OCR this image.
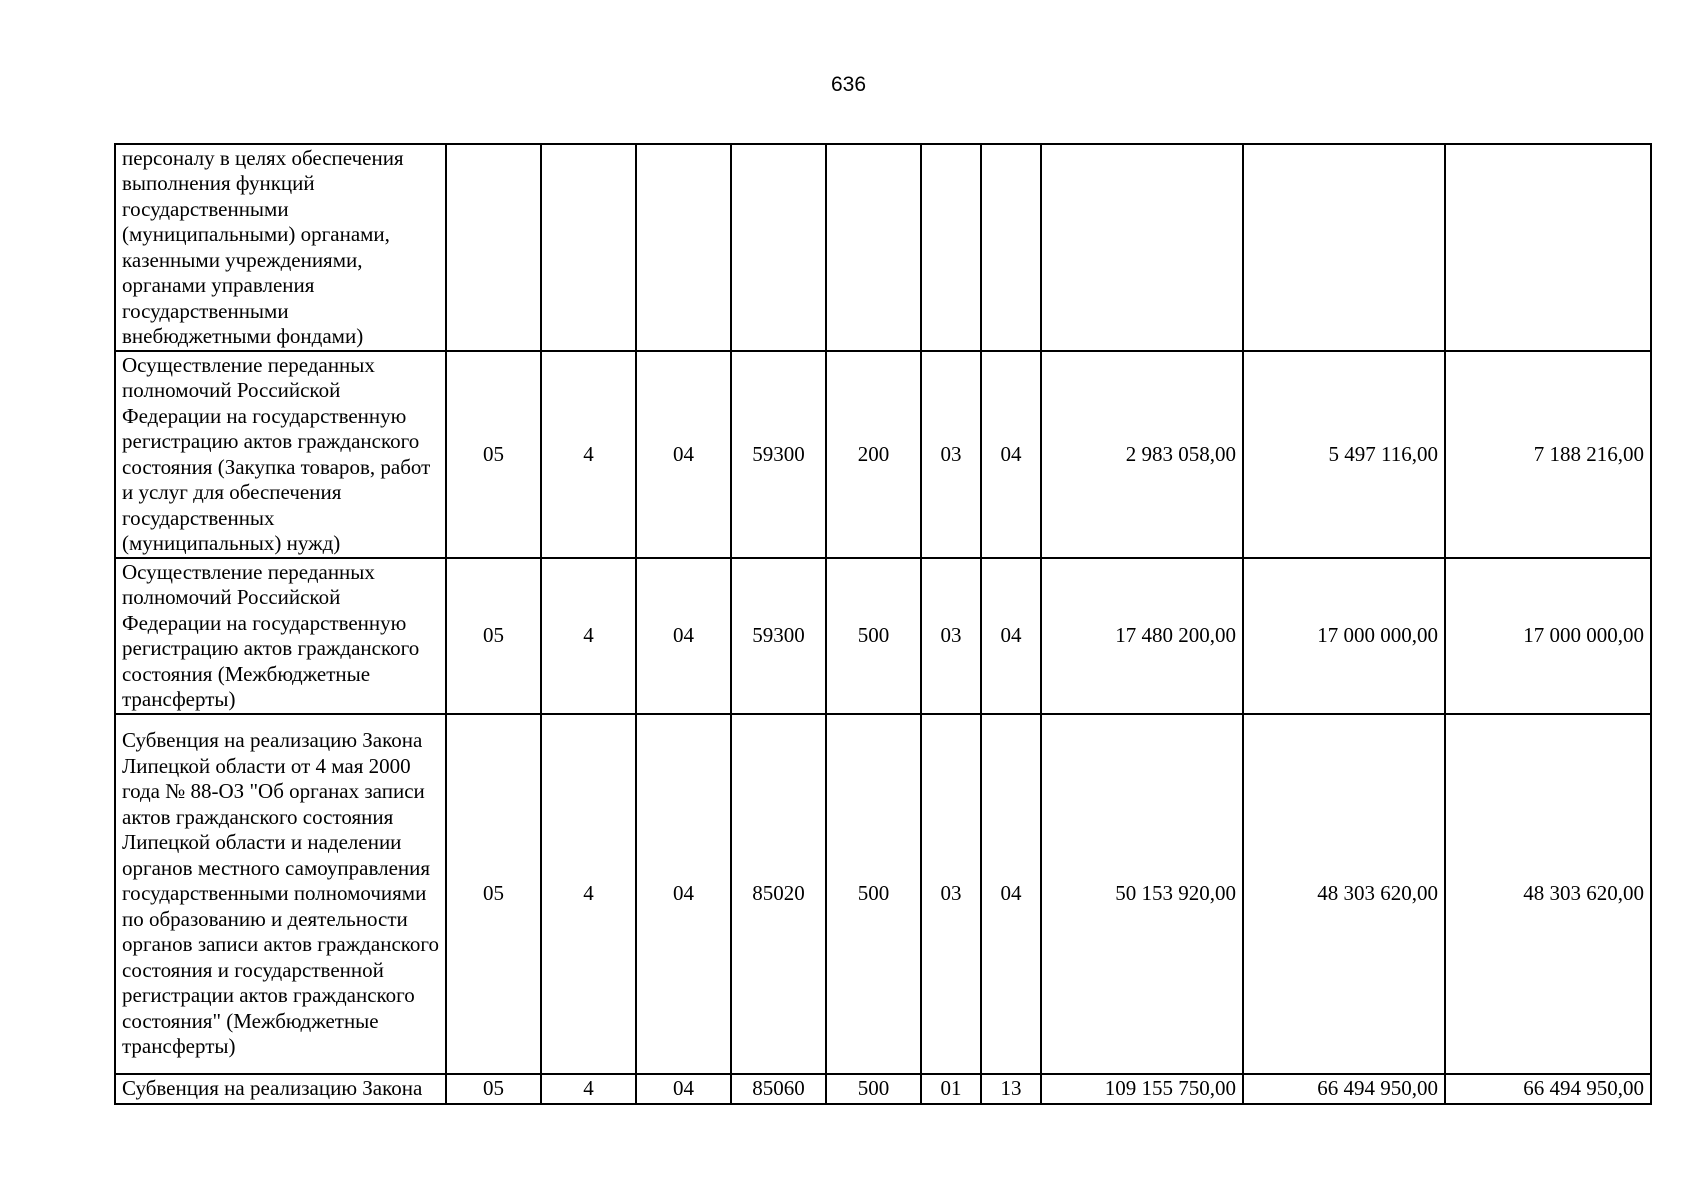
636
персоналу в целях обеспечения выполнения функций государственными (муниципальными) органами, казенными учреждениями, органами управления государственными внебюджетными фондами)										
Осуществление переданных полномочий Российской Федерации на государственную регистрацию актов гражданского состояния (Закупка товаров, работ и услуг для обеспечения государственных (муниципальных) нужд)	05	4	04	59300	200	03	04	2 983 058,00	5 497 116,00	7 188 216,00
Осуществление переданных полномочий Российской Федерации на государственную регистрацию актов гражданского состояния (Межбюджетные трансферты)	05	4	04	59300	500	03	04	17 480 200,00	17 000 000,00	17 000 000,00
Субвенция на реализацию Закона Липецкой области от 4 мая 2000 года № 88-ОЗ "Об органах записи актов гражданского состояния Липецкой области и наделении органов местного самоуправления государственными полномочиями по образованию и деятельности органов записи актов гражданского состояния и государственной регистрации актов гражданского состояния" (Межбюджетные трансферты)	05	4	04	85020	500	03	04	50 153 920,00	48 303 620,00	48 303 620,00
Субвенция на реализацию Закона	05	4	04	85060	500	01	13	109 155 750,00	66 494 950,00	66 494 950,00
